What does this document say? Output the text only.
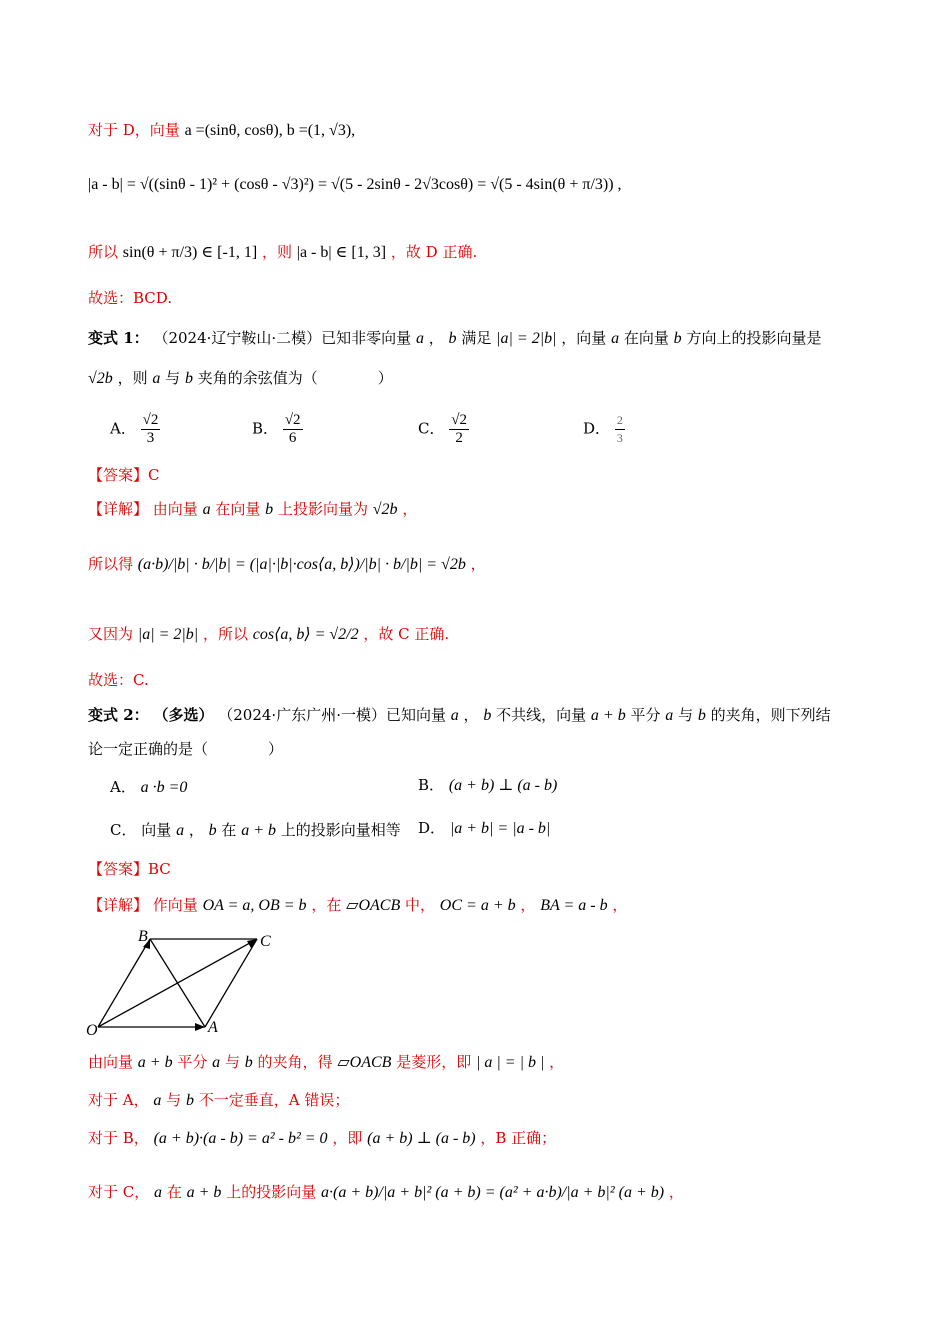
对于 D，向量 a =(sinθ, cosθ), b =(1, √3),
|a - b| = √((sinθ - 1)² + (cosθ - √3)²) = √(5 - 2sinθ - 2√3cosθ) = √(5 - 4sin(θ + π/3)) ,
所以 sin(θ + π/3) ∈ [-1, 1] ，则 |a - b| ∈ [1, 3] ，故 D 正确.
故选：BCD.
变式 1： （2024·辽宁鞍山·二模）已知非零向量 a ， b 满足 |a| = 2|b| ，向量 a 在向量 b 方向上的投影向量是
√2b ，则 a 与 b 夹角的余弦值为（　　　　）
A． $\frac{√2}{3}$	B． $\frac{√2}{6}$	C． $\frac{√2}{2}$	D． $\frac{2}{3}$
【答案】C
【详解】 由向量 a 在向量 b 上投影向量为 √2b ，
所以得 (a·b)/|b| · b/|b| = (|a|·|b|·cos⟨a, b⟩)/|b| · b/|b| = √2b ，
又因为 |a| = 2|b| ，所以 cos⟨a, b⟩ = √2/2 ，故 C 正确.
故选：C.
变式 2： （多选） （2024·广东广州·一模）已知向量 a ， b 不共线，向量 a + b 平分 a 与 b 的夹角，则下列结
论一定正确的是（　　　　）
A． a ·b =0	B． (a + b) ⊥ (a - b)
C． 向量 a ， b 在 a + b 上的投影向量相等 D． |a + b| = |a - b|
【答案】BC
【详解】 作向量 OA = a, OB = b ，在 ▱OACB 中， OC = a + b ， BA = a - b ，
O	A
B	C
由向量 a + b 平分 a 与 b 的夹角，得 ▱OACB 是菱形，即 | a | = | b | ，
对于 A， a 与 b 不一定垂直，A 错误；
对于 B， (a + b)·(a - b) = a² - b² = 0 ，即 (a + b) ⊥ (a - b) ，B 正确；
对于 C， a 在 a + b 上的投影向量 a·(a + b)/|a + b|² (a + b) = (a² + a·b)/|a + b|² (a + b) ，
